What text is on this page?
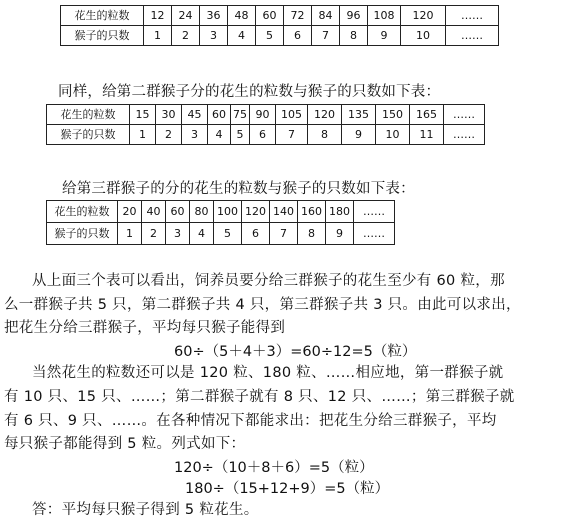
花生的粒数	12	24	36	48	60	72	84	96	108	120	……
猴子的只数	1	2	3	4	5	6	7	8	9	10	……
同样，给第二群猴子分的花生的粒数与猴子的只数如下表：
花生的粒数	15	30	45	60	75	90	105	120	135	150	165	……
猴子的只数	1	2	3	4	5	6	7	8	9	10	11	……
给第三群猴子的分的花生的粒数与猴子的只数如下表：
花生的粒数	20	40	60	80	100	120	140	160	180	……
猴子的只数	1	2	3	4	5	6	7	8	9	……
从上面三个表可以看出，饲养员要分给三群猴子的花生至少有 60 粒，那
么一群猴子共 5 只，第二群猴子共 4 只，第三群猴子共 3 只。由此可以求出，
把花生分给三群猴子，平均每只猴子能得到
60÷（5＋4＋3）=60÷12=5（粒）
当然花生的粒数还可以是 120 粒、180 粒、……相应地，第一群猴子就
有 10 只、15 只、……；第二群猴子就有 8 只、12 只、……；第三群猴子就
有 6 只、9 只、……。在各种情况下都能求出：把花生分给三群猴子，平均
每只猴子都能得到 5 粒。列式如下：
120÷（10＋8＋6）=5（粒）
180÷（15+12+9）=5（粒）
答：平均每只猴子得到 5 粒花生。
